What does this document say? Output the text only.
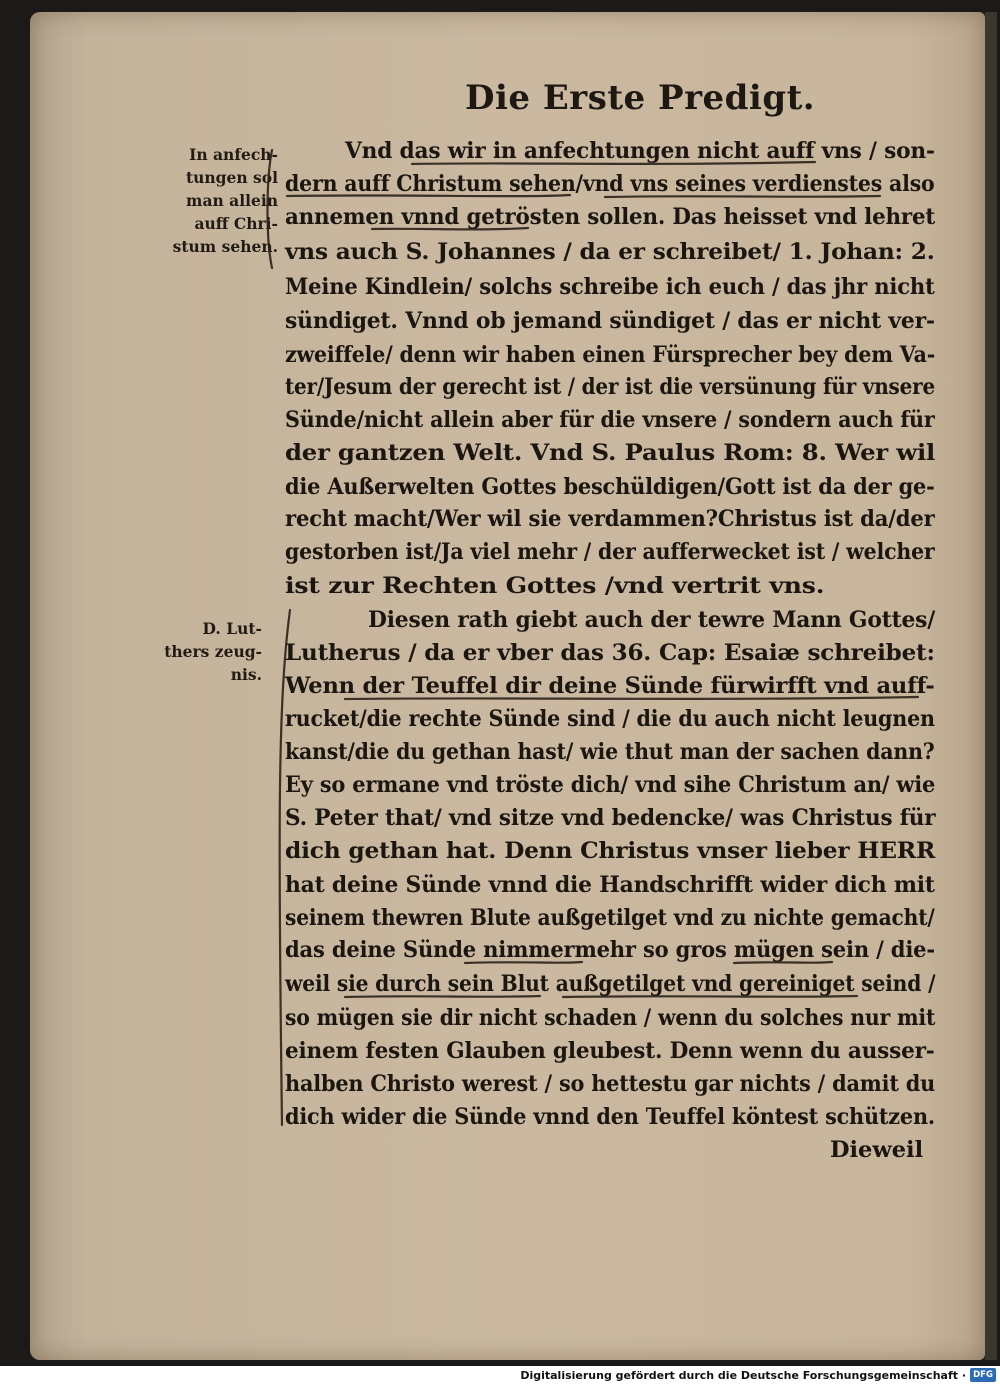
Die Erste Predigt.
In anfech-
tungen sol
man allein
auff Chri-
stum sehen.
D. Lut-
thers zeug-
nis.
Vnd das wir in anfechtungen nicht auff vns / son-
dern auff Christum sehen/vnd vns seines verdienstes also
annemen vnnd getrösten sollen. Das heisset vnd lehret
vns auch S. Johannes / da er schreibet/ 1. Johan: 2.
Meine Kindlein/ solchs schreibe ich euch / das jhr nicht
sündiget. Vnnd ob jemand sündiget / das er nicht ver-
zweiffele/ denn wir haben einen Fürsprecher bey dem Va-
ter/Jesum der gerecht ist / der ist die versünung für vnsere
Sünde/nicht allein aber für die vnsere / sondern auch für
der gantzen Welt. Vnd S. Paulus Rom: 8. Wer wil
die Außerwelten Gottes beschüldigen/Gott ist da der ge-
recht macht/Wer wil sie verdammen?Christus ist da/der
gestorben ist/Ja viel mehr / der aufferwecket ist / welcher
ist zur Rechten Gottes /vnd vertrit vns.
Diesen rath giebt auch der tewre Mann Gottes/
Lutherus / da er vber das 36. Cap: Esaiæ schreibet:
Wenn der Teuffel dir deine Sünde fürwirfft vnd auff-
rucket/die rechte Sünde sind / die du auch nicht leugnen
kanst/die du gethan hast/ wie thut man der sachen dann?
Ey so ermane vnd tröste dich/ vnd sihe Christum an/ wie
S. Peter that/ vnd sitze vnd bedencke/ was Christus für
dich gethan hat. Denn Christus vnser lieber HERR
hat deine Sünde vnnd die Handschrifft wider dich mit
seinem thewren Blute außgetilget vnd zu nichte gemacht/
das deine Sünde nimmermehr so gros mügen sein / die-
weil sie durch sein Blut außgetilget vnd gereiniget seind /
so mügen sie dir nicht schaden / wenn du solches nur mit
einem festen Glauben gleubest. Denn wenn du ausser-
halben Christo werest / so hettestu gar nichts / damit du
dich wider die Sünde vnnd den Teuffel köntest schützen.
Dieweil
Digitalisierung gefördert durch die Deutsche Forschungsgemeinschaft · DFG
